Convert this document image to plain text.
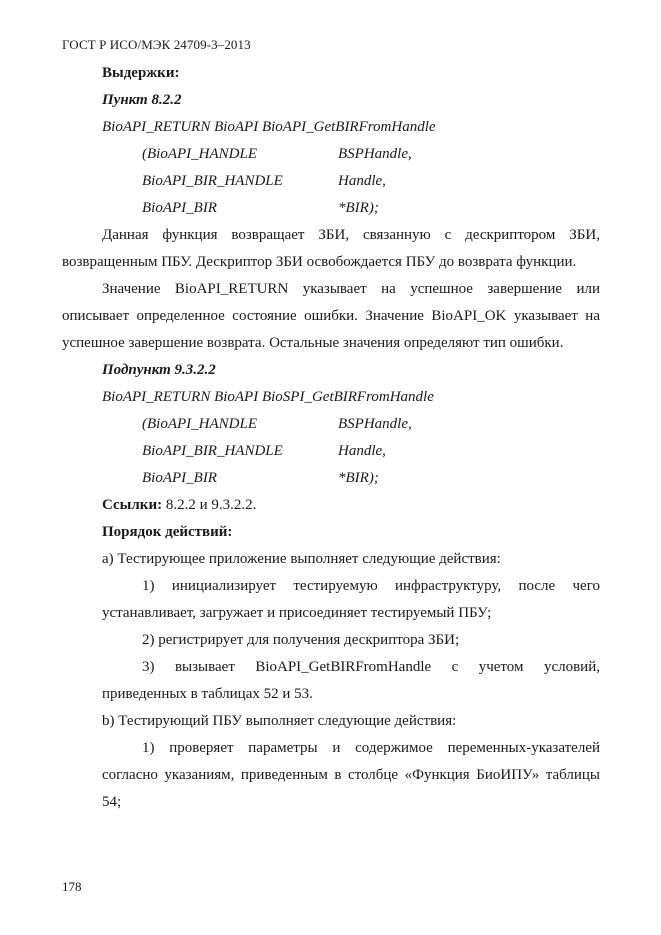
ГОСТ Р ИСО/МЭК 24709-3–2013

Выдержки:

Пункт 8.2.2

BioAPI_RETURN BioAPI BioAPI_GetBIRFromHandle

(BioAPI_HANDLE	BSPHandle,
BioAPI_BIR_HANDLE	Handle,
BioAPI_BIR	*BIR);

Данная функция возвращает ЗБИ, связанную с дескриптором ЗБИ, возвращенным ПБУ. Дескриптор ЗБИ освобождается ПБУ до возврата функции.

Значение BioAPI_RETURN указывает на успешное завершение или описывает определенное состояние ошибки. Значение BioAPI_OK указывает на успешное завершение возврата. Остальные значения определяют тип ошибки.

Подпункт 9.3.2.2

BioAPI_RETURN BioAPI BioSPI_GetBIRFromHandle

(BioAPI_HANDLE	BSPHandle,
BioAPI_BIR_HANDLE	Handle,
BioAPI_BIR	*BIR);

Ссылки: 8.2.2 и 9.3.2.2.

Порядок действий:

а) Тестирующее приложение выполняет следующие действия:

1) инициализирует тестируемую инфраструктуру, после чего устанавливает, загружает и присоединяет тестируемый ПБУ;

2) регистрирует для получения дескриптора ЗБИ;

3) вызывает BioAPI_GetBIRFromHandle с учетом условий, приведенных в таблицах 52 и 53.

b) Тестирующий ПБУ выполняет следующие действия:

1) проверяет параметры и содержимое переменных-указателей согласно указаниям, приведенным в столбце «Функция БиоИПУ» таблицы 54;

178
